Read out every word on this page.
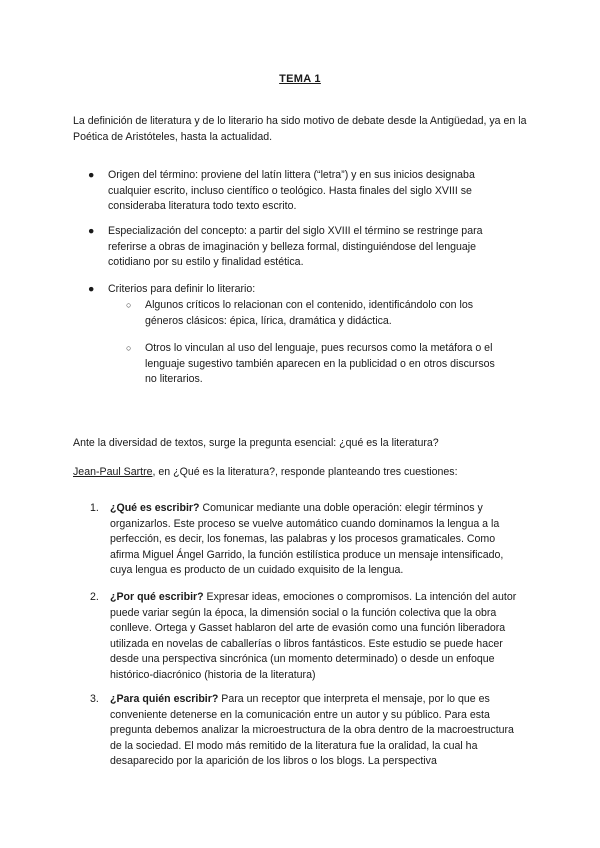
TEMA 1

La definición de literatura y de lo literario ha sido motivo de debate desde la Antigüedad, ya en la Poética de Aristóteles, hasta la actualidad.

● Origen del término: proviene del latín littera (“letra”) y en sus inicios designaba cualquier escrito, incluso científico o teológico. Hasta finales del siglo XVIII se consideraba literatura todo texto escrito.
● Especialización del concepto: a partir del siglo XVIII el término se restringe para referirse a obras de imaginación y belleza formal, distinguiéndose del lenguaje cotidiano por su estilo y finalidad estética.
● Criterios para definir lo literario:
○ Algunos críticos lo relacionan con el contenido, identificándolo con los géneros clásicos: épica, lírica, dramática y didáctica.
○ Otros lo vinculan al uso del lenguaje, pues recursos como la metáfora o el lenguaje sugestivo también aparecen en la publicidad o en otros discursos no literarios.

Ante la diversidad de textos, surge la pregunta esencial: ¿qué es la literatura?

Jean-Paul Sartre, en ¿Qué es la literatura?, responde planteando tres cuestiones:

1. ¿Qué es escribir? Comunicar mediante una doble operación: elegir términos y organizarlos. Este proceso se vuelve automático cuando dominamos la lengua a la perfección, es decir, los fonemas, las palabras y los procesos gramaticales. Como afirma Miguel Ángel Garrido, la función estilística produce un mensaje intensificado, cuya lengua es producto de un cuidado exquisito de la lengua.
2. ¿Por qué escribir? Expresar ideas, emociones o compromisos. La intención del autor puede variar según la época, la dimensión social o la función colectiva que la obra conlleve. Ortega y Gasset hablaron del arte de evasión como una función liberadora utilizada en novelas de caballerías o libros fantásticos. Este estudio se puede hacer desde una perspectiva sincrónica (un momento determinado) o desde un enfoque histórico-diacrónico (historia de la literatura)
3. ¿Para quién escribir? Para un receptor que interpreta el mensaje, por lo que es conveniente detenerse en la comunicación entre un autor y su público. Para esta pregunta debemos analizar la microestructura de la obra dentro de la macroestructura de la sociedad. El modo más remitido de la literatura fue la oralidad, la cual ha desaparecido por la aparición de los libros o los blogs. La perspectiva
